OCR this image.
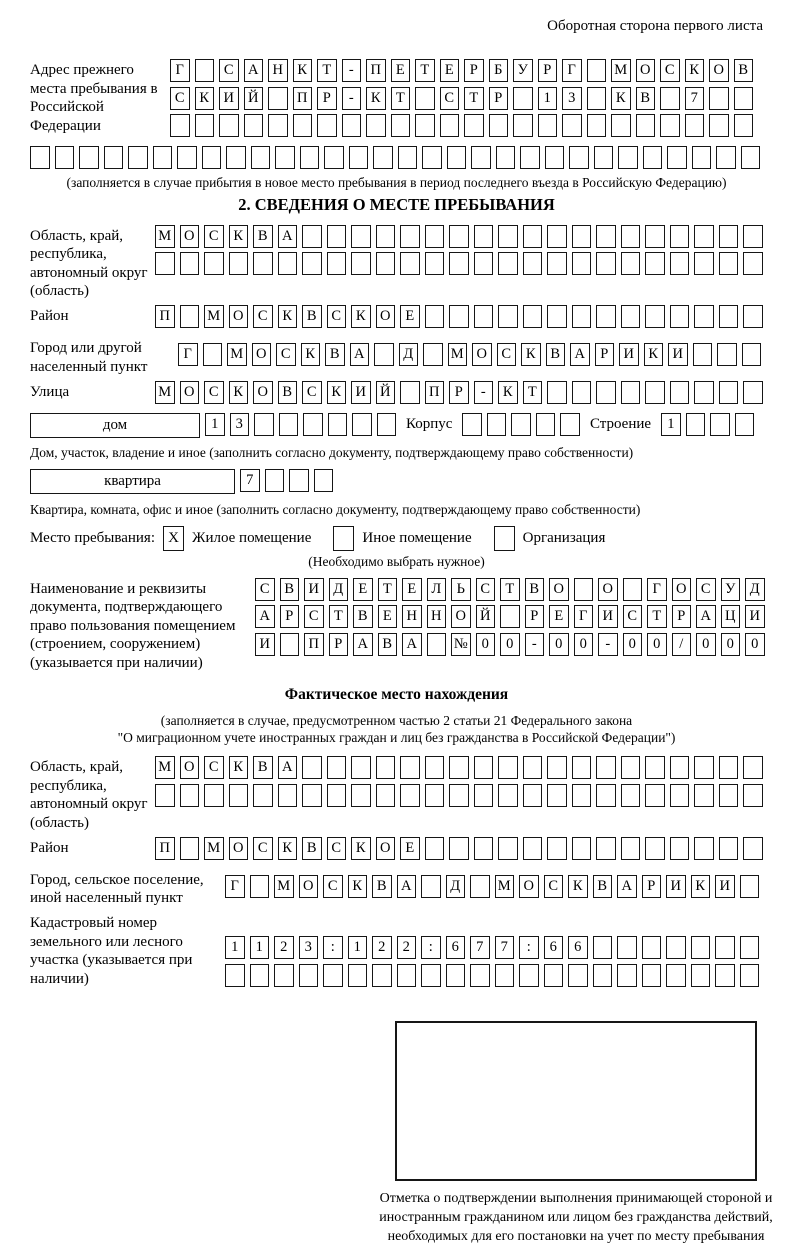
Оборотная сторона первого листа
Адрес прежнего места пребывания в Российской Федерации
Г	С А Н К	Т	-	П	Е	Т	Е	Р	Б	У	Р	Г	М О С	К О В
С	К И Й	П	Р	-	К	Т	С	Т	Р	1	3	К	В	7
(заполняется в случае прибытия в новое место пребывания в период последнего въезда в Российскую Федерацию)
2. СВЕДЕНИЯ О МЕСТЕ ПРЕБЫВАНИЯ
Область, край, республика, автономный округ (область)
М О С	К	В А
Район	П	М О С	К	В	С	К О	Е
Город или другой населенный пункт
Г	М О С	К	В А	Д	М О С	К	В А	Р	И К И
Улица	М О С	К О В	С	К И Й	П	Р	-	К	Т
дом	1	3	Корпус	Строение	1
Дом, участок, владение и иное (заполнить согласно документу, подтверждающему право собственности)
квартира	7
Квартира, комната, офис и иное (заполнить согласно документу, подтверждающему право собственности)
Место пребывания: X Жилое помещение	Иное помещение	Организация
(Необходимо выбрать нужное)
Наименование и реквизиты документа, подтверждающего право пользования помещением (строением, сооружением) (указывается при наличии)
С	В И Д	Е	Т	Е	Л	Ь	С	Т	В О	О	Г	О С	У Д
А	Р	С	Т	В	Е	Н Н О Й	Р	Е	Г	И С	Т	Р	А Ц И
И	П	Р	А В А	№ 0	0	-	0	0	-	0	0	/	0	0	0
Фактическое место нахождения
(заполняется в случае, предусмотренном частью 2 статьи 21 Федерального закона
"О миграционном учете иностранных граждан и лиц без гражданства в Российской Федерации")
Область, край, республика, автономный округ (область)
М О С	К	В А
Район	П	М О С	К	В	С	К О	Е
Город, сельское поселение, иной населенный пункт
Г	М О С	К	В А	Д	М О С	К	В А	Р	И К И
Кадастровый номер земельного или лесного участка (указывается при наличии)
1	1	2	3	:	1	2	2	:	6	7	7	:	6	6
Отметка о подтверждении выполнения принимающей стороной и иностранным гражданином или лицом без гражданства действий, необходимых для его постановки на учет по месту пребывания
